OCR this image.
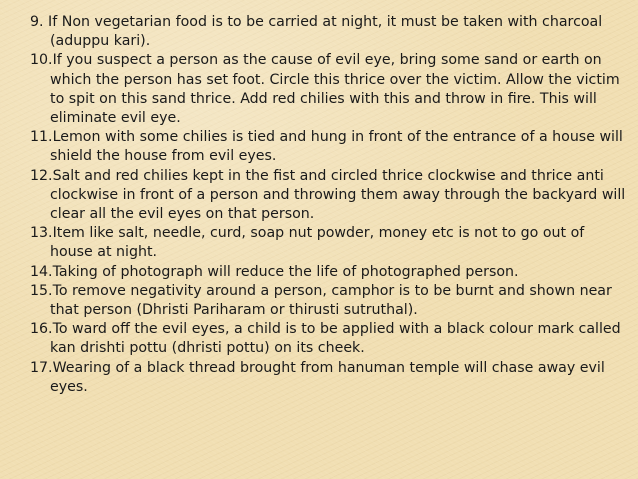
9. If Non vegetarian food is to be carried at night, it must be taken with charcoal (aduppu kari).
10.If you suspect a person as the cause of evil eye, bring some sand or earth on which the person has set foot. Circle this thrice over the victim. Allow the victim to spit on this sand thrice. Add red chilies with this and throw in fire. This will eliminate evil eye.
11.Lemon with some chilies is tied and hung in front of the entrance of a house will shield the house from evil eyes.
12.Salt and red chilies kept in the fist and circled thrice clockwise and thrice anti clockwise in front of a person and throwing them away through the backyard will clear all the evil eyes on that person.
13.Item like salt, needle, curd, soap nut powder, money etc is not to go out of house at night.
14.Taking of photograph will reduce the life of photographed person.
15.To remove negativity around a person, camphor is to be burnt and shown near that person (Dhristi Pariharam or thirusti sutruthal).
16.To ward off the evil eyes, a child is to be applied with a black colour mark called kan drishti pottu (dhristi pottu) on its cheek.
17.Wearing of a black thread brought from hanuman temple will chase away evil eyes.
